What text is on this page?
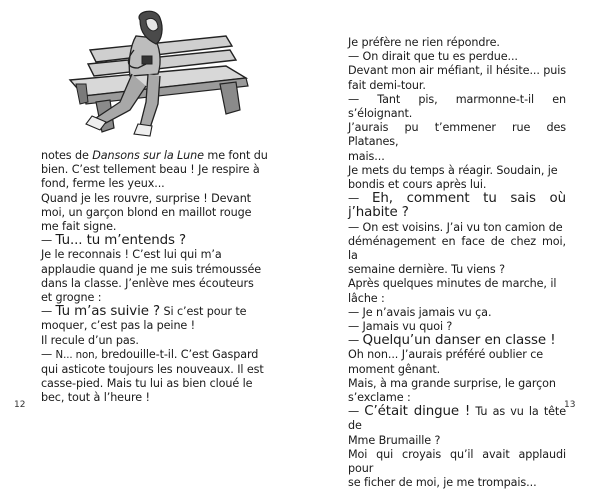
notes de Dansons sur la Lune me font du

bien. C’est tellement beau ! Je respire à

fond, ferme les yeux...

Quand je les rouvre, surprise ! Devant

moi, un garçon blond en maillot rouge

me fait signe.

— Tu... tu m’entends ?

Je le reconnais ! C’est lui qui m’a

applaudie quand je me suis trémoussée

dans la classe. J’enlève mes écouteurs

et grogne :

— Tu m’as suivie ? Si c’est pour te

moquer, c’est pas la peine !

Il recule d’un pas.

— N... non, bredouille-t-il. C’est Gaspard

qui asticote toujours les nouveaux. Il est

casse-pied. Mais tu lui as bien cloué le

bec, tout à l’heure !

12

Je préfère ne rien répondre.

— On dirait que tu es perdue...

Devant mon air méfiant, il hésite... puis

fait demi-tour.

— Tant pis, marmonne-t-il en s’éloignant.

J’aurais pu t’emmener rue des Platanes,

mais...

Je mets du temps à réagir. Soudain, je

bondis et cours après lui.

— Eh, comment tu sais où j’habite ?

— On est voisins. J’ai vu ton camion de

déménagement en face de chez moi, la

semaine dernière. Tu viens ?

Après quelques minutes de marche, il

lâche :

— Je n’avais jamais vu ça.

— Jamais vu quoi ?

— Quelqu’un danser en classe !

Oh non... J’aurais préféré oublier ce

moment gênant.

Mais, à ma grande surprise, le garçon

s’exclame :

— C’était dingue ! Tu as vu la tête de

Mme Brumaille ?

Moi qui croyais qu’il avait applaudi pour

se ficher de moi, je me trompais...

13
